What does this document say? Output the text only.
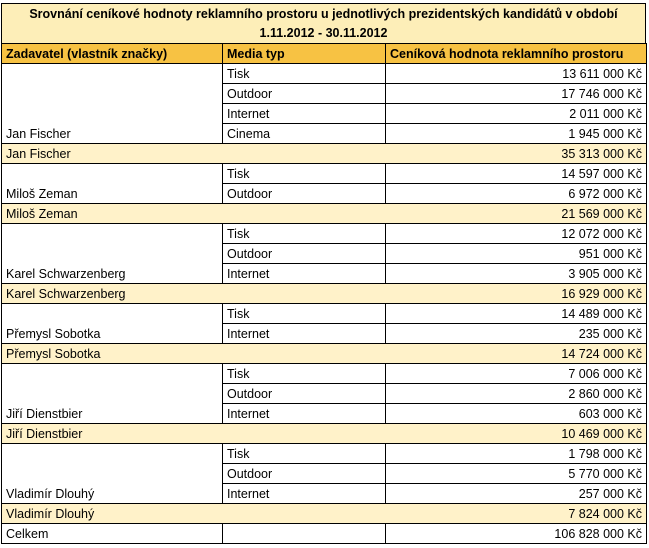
Srovnání ceníkové hodnoty reklamního prostoru u jednotlivých prezidentských kandidátů v období
1.11.2012 - 30.11.2012
Zadavatel (vlastník značky)	Media typ	Ceníková hodnota reklamního prostoru
Jan Fischer	Tisk	13 611 000 Kč
	Outdoor	17 746 000 Kč
	Internet	2 011 000 Kč
	Cinema	1 945 000 Kč
Jan Fischer		35 313 000 Kč
Miloš Zeman	Tisk	14 597 000 Kč
	Outdoor	6 972 000 Kč
Miloš Zeman		21 569 000 Kč
Karel Schwarzenberg	Tisk	12 072 000 Kč
	Outdoor	951 000 Kč
	Internet	3 905 000 Kč
Karel Schwarzenberg		16 929 000 Kč
Přemysl Sobotka	Tisk	14 489 000 Kč
	Internet	235 000 Kč
Přemysl Sobotka		14 724 000 Kč
Jiří Dienstbier	Tisk	7 006 000 Kč
	Outdoor	2 860 000 Kč
	Internet	603 000 Kč
Jiří Dienstbier		10 469 000 Kč
Vladimír Dlouhý	Tisk	1 798 000 Kč
	Outdoor	5 770 000 Kč
	Internet	257 000 Kč
Vladimír Dlouhý		7 824 000 Kč
Celkem		106 828 000 Kč
